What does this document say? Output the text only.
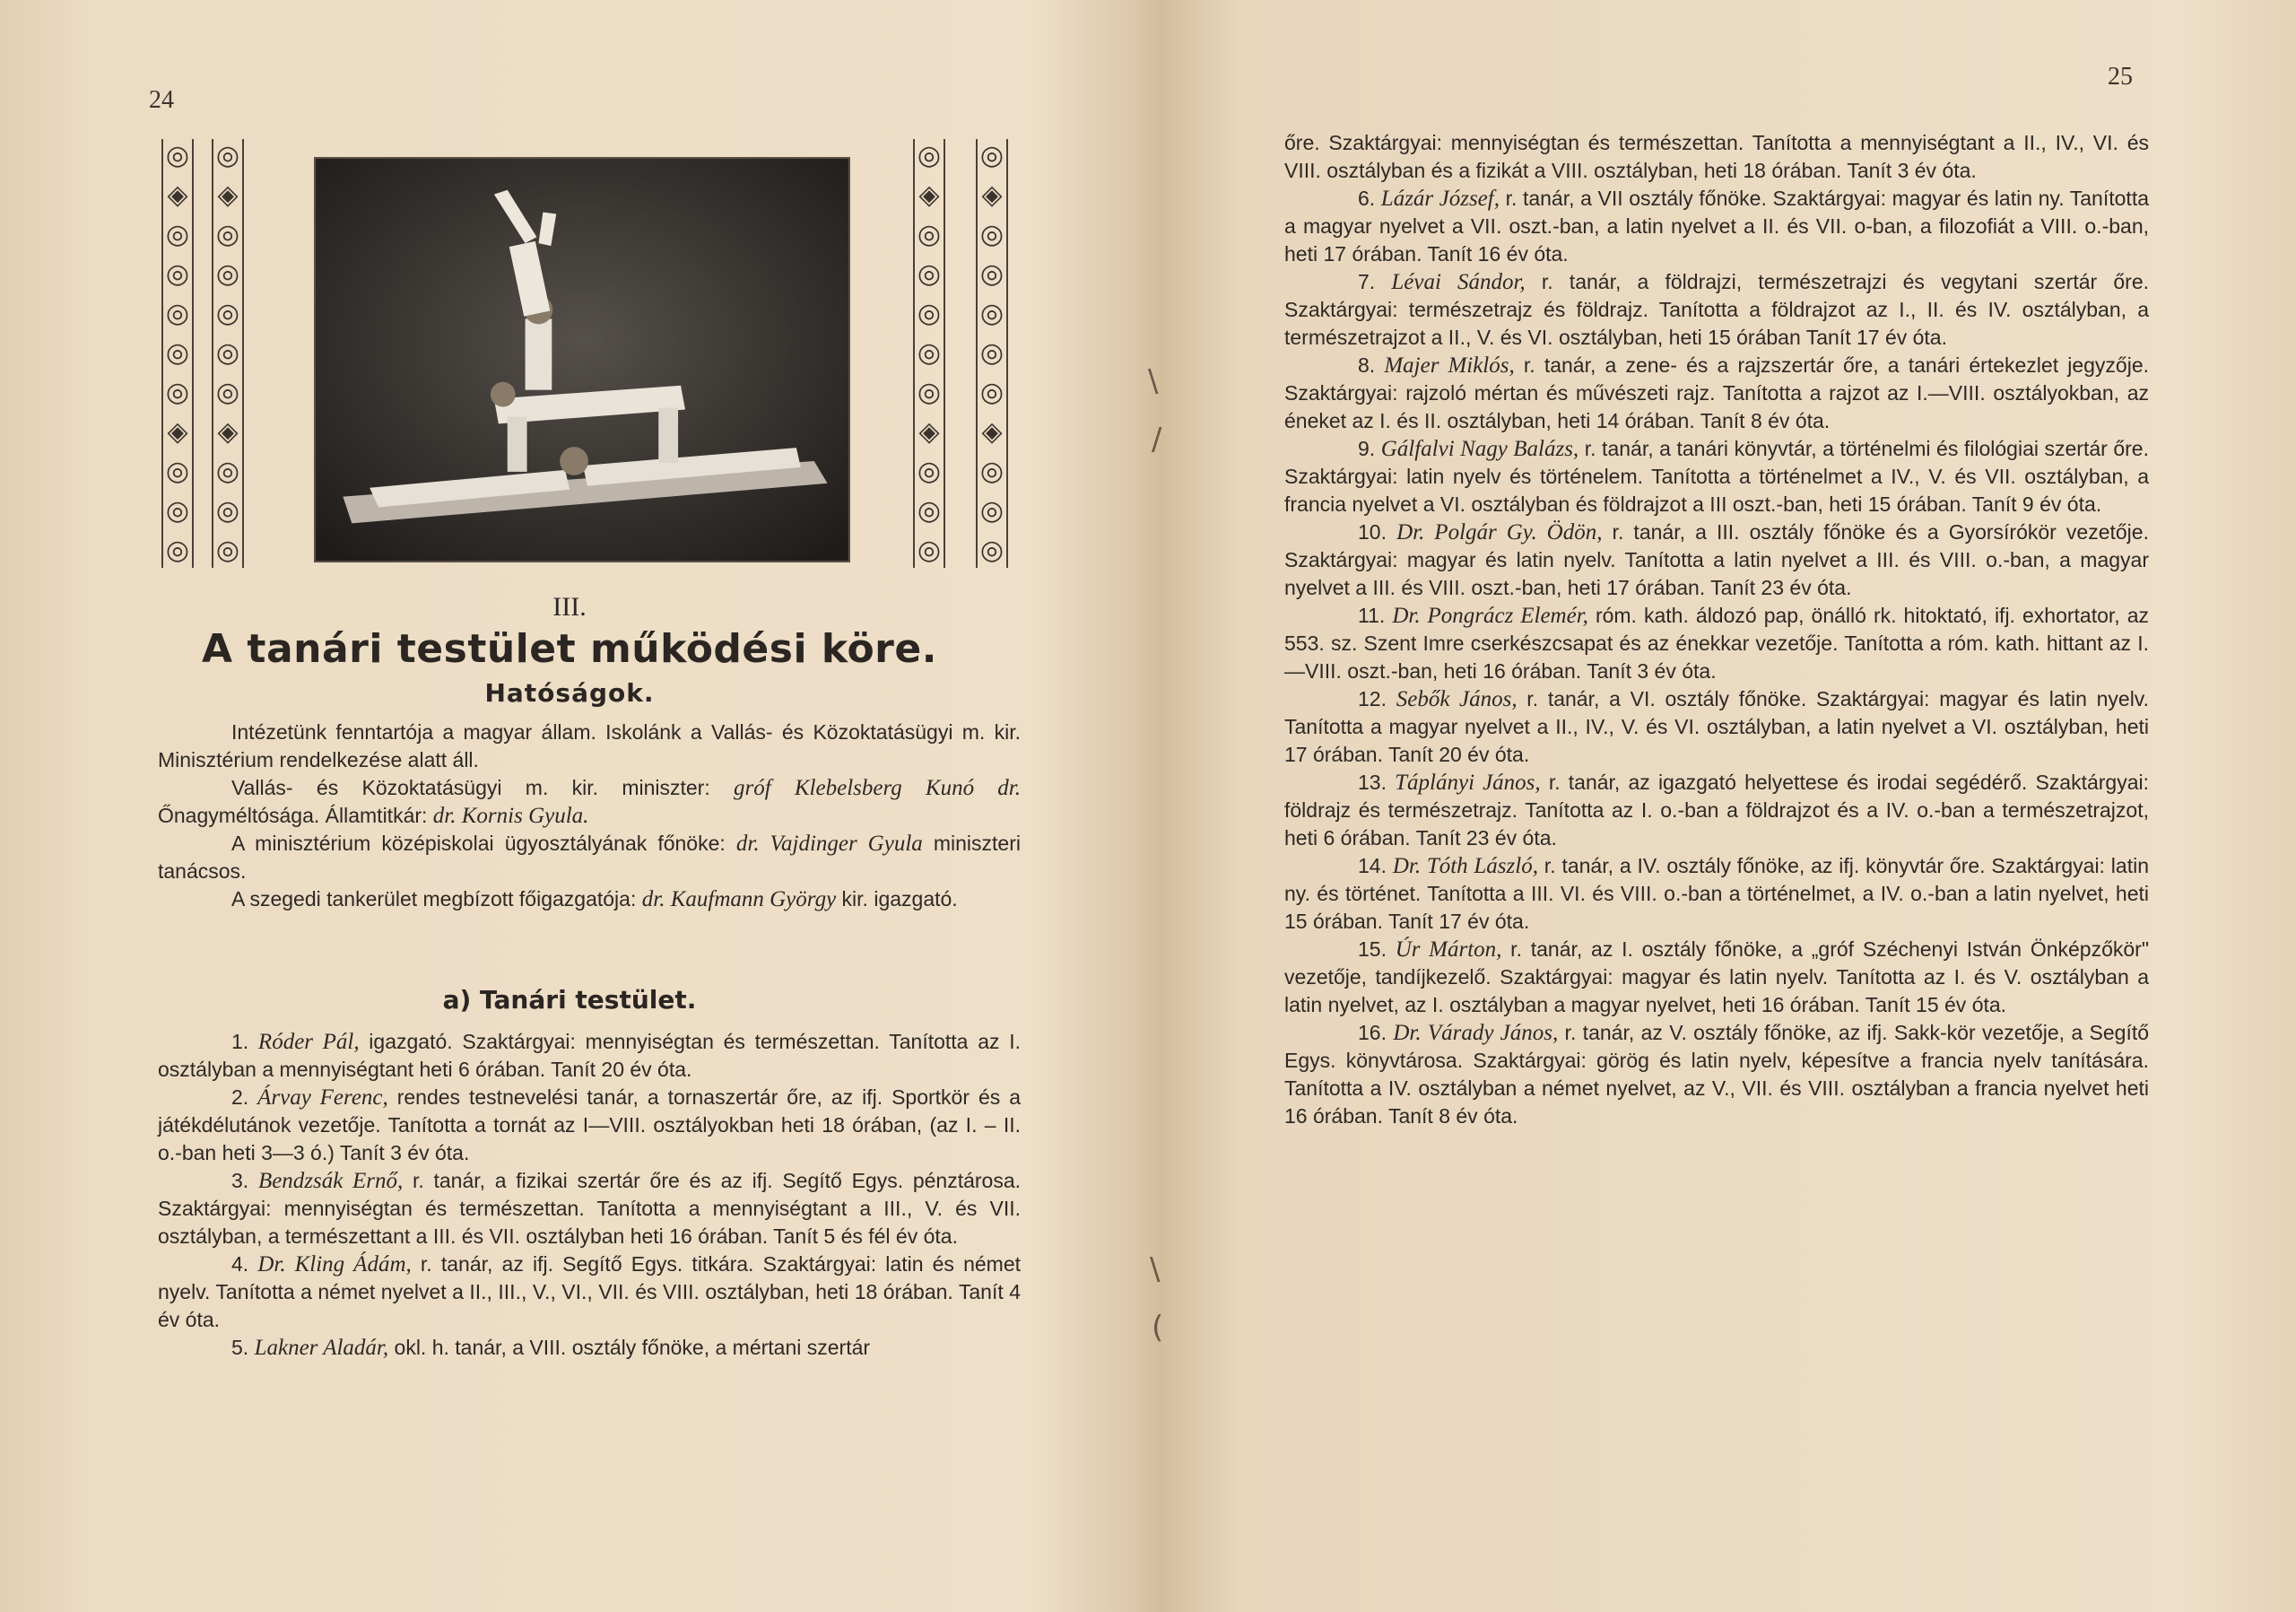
24
◎
◈
◎
◎
◎
◎
◎
◈
◎
◎
◎
◎
◈
◎
◎
◎
◎
◎
◈
◎
◎
◎
◎
◈
◎
◎
◎
◎
◎
◈
◎
◎
◎
◎
◈
◎
◎
◎
◎
◎
◈
◎
◎
◎
III.
A tanári testület működési köre.
Hatóságok.

Intézetünk fenntartója a magyar állam. Iskolánk a Vallás- és Közoktatásügyi m. kir. Minisztérium rendelkezése alatt áll.

Vallás- és Közoktatásügyi m. kir. miniszter: gróf Klebelsberg Kunó dr. Őnagyméltósága. Államtitkár: dr. Kornis Gyula.

A minisztérium középiskolai ügyosztályának főnöke: dr. Vajdinger Gyula miniszteri tanácsos.

A szegedi tankerület megbízott főigazgatója: dr. Kaufmann György kir. igazgató.

a) Tanári testület.

1. Róder Pál, igazgató. Szaktárgyai: mennyiségtan és természettan. Tanította az I. osztályban a mennyiségtant heti 6 órában. Tanít 20 év óta.

2. Árvay Ferenc, rendes testnevelési tanár, a tornaszertár őre, az ifj. Sportkör és a játékdélutánok vezetője. Tanította a tornát az I—VIII. osztályokban heti 18 órában, (az I. – II. o.-ban heti 3—3 ó.) Tanít 3 év óta.

3. Bendzsák Ernő, r. tanár, a fizikai szertár őre és az ifj. Segítő Egys. pénztárosa. Szaktárgyai: mennyiségtan és természettan. Tanította a mennyiségtant a III., V. és VII. osztályban, a természettant a III. és VII. osztályban heti 16 órában. Tanít 5 és fél év óta.

4. Dr. Kling Ádám, r. tanár, az ifj. Segítő Egys. titkára. Szaktárgyai: latin és német nyelv. Tanította a német nyelvet a II., III., V., VI., VII. és VIII. osztályban, heti 18 órában. Tanít 4 év óta.

5. Lakner Aladár, okl. h. tanár, a VIII. osztály főnöke, a mértani szertár

\
/
\
(
25

őre. Szaktárgyai: mennyiségtan és természettan. Tanította a mennyiségtant a II., IV., VI. és VIII. osztályban és a fizikát a VIII. osztályban, heti 18 órában. Tanít 3 év óta.

6. Lázár József, r. tanár, a VII osztály főnöke. Szaktárgyai: magyar és latin ny. Tanította a magyar nyelvet a VII. oszt.-ban, a latin nyelvet a II. és VII. o-ban, a filozofiát a VIII. o.-ban, heti 17 órában. Tanít 16 év óta.

7. Lévai Sándor, r. tanár, a földrajzi, természetrajzi és vegytani szertár őre. Szaktárgyai: természetrajz és földrajz. Tanította a földrajzot az I., II. és IV. osztályban, a természetrajzot a II., V. és VI. osztályban, heti 15 órában Tanít 17 év óta.

8. Majer Miklós, r. tanár, a zene- és a rajzszertár őre, a tanári értekezlet jegyzője. Szaktárgyai: rajzoló mértan és művészeti rajz. Tanította a rajzot az I.—VIII. osztályokban, az éneket az I. és II. osztályban, heti 14 órában. Tanít 8 év óta.

9. Gálfalvi Nagy Balázs, r. tanár, a tanári könyvtár, a történelmi és filológiai szertár őre. Szaktárgyai: latin nyelv és történelem. Tanította a történelmet a IV., V. és VII. osztályban, a francia nyelvet a VI. osztályban és földrajzot a III oszt.-ban, heti 15 órában. Tanít 9 év óta.

10. Dr. Polgár Gy. Ödön, r. tanár, a III. osztály főnöke és a Gyorsírókör vezetője. Szaktárgyai: magyar és latin nyelv. Tanította a latin nyelvet a III. és VIII. o.-ban, a magyar nyelvet a III. és VIII. oszt.-ban, heti 17 órában. Tanít 23 év óta.

11. Dr. Pongrácz Elemér, róm. kath. áldozó pap, önálló rk. hitoktató, ifj. exhortator, az 553. sz. Szent Imre cserkészcsapat és az énekkar vezetője. Tanította a róm. kath. hittant az I.—VIII. oszt.-ban, heti 16 órában. Tanít 3 év óta.

12. Sebők János, r. tanár, a VI. osztály főnöke. Szaktárgyai: magyar és latin nyelv. Tanította a magyar nyelvet a II., IV., V. és VI. osztályban, a latin nyelvet a VI. osztályban, heti 17 órában. Tanít 20 év óta.

13. Táplányi János, r. tanár, az igazgató helyettese és irodai segédérő. Szaktárgyai: földrajz és természetrajz. Tanította az I. o.-ban a földrajzot és a IV. o.-ban a természetrajzot, heti 6 órában. Tanít 23 év óta.

14. Dr. Tóth László, r. tanár, a IV. osztály főnöke, az ifj. könyvtár őre. Szaktárgyai: latin ny. és történet. Tanította a III. VI. és VIII. o.-ban a történelmet, a IV. o.-ban a latin nyelvet, heti 15 órában. Tanít 17 év óta.

15. Úr Márton, r. tanár, az I. osztály főnöke, a „gróf Széchenyi István Önképzőkör" vezetője, tandíjkezelő. Szaktárgyai: magyar és latin nyelv. Tanította az I. és V. osztályban a latin nyelvet, az I. osztályban a magyar nyelvet, heti 16 órában. Tanít 15 év óta.

16. Dr. Várady János, r. tanár, az V. osztály főnöke, az ifj. Sakk-kör vezetője, a Segítő Egys. könyvtárosa. Szaktárgyai: görög és latin nyelv, képesítve a francia nyelv tanítására. Tanította a IV. osztályban a német nyelvet, az V., VII. és VIII. osztályban a francia nyelvet heti 16 órában. Tanít 8 év óta.
